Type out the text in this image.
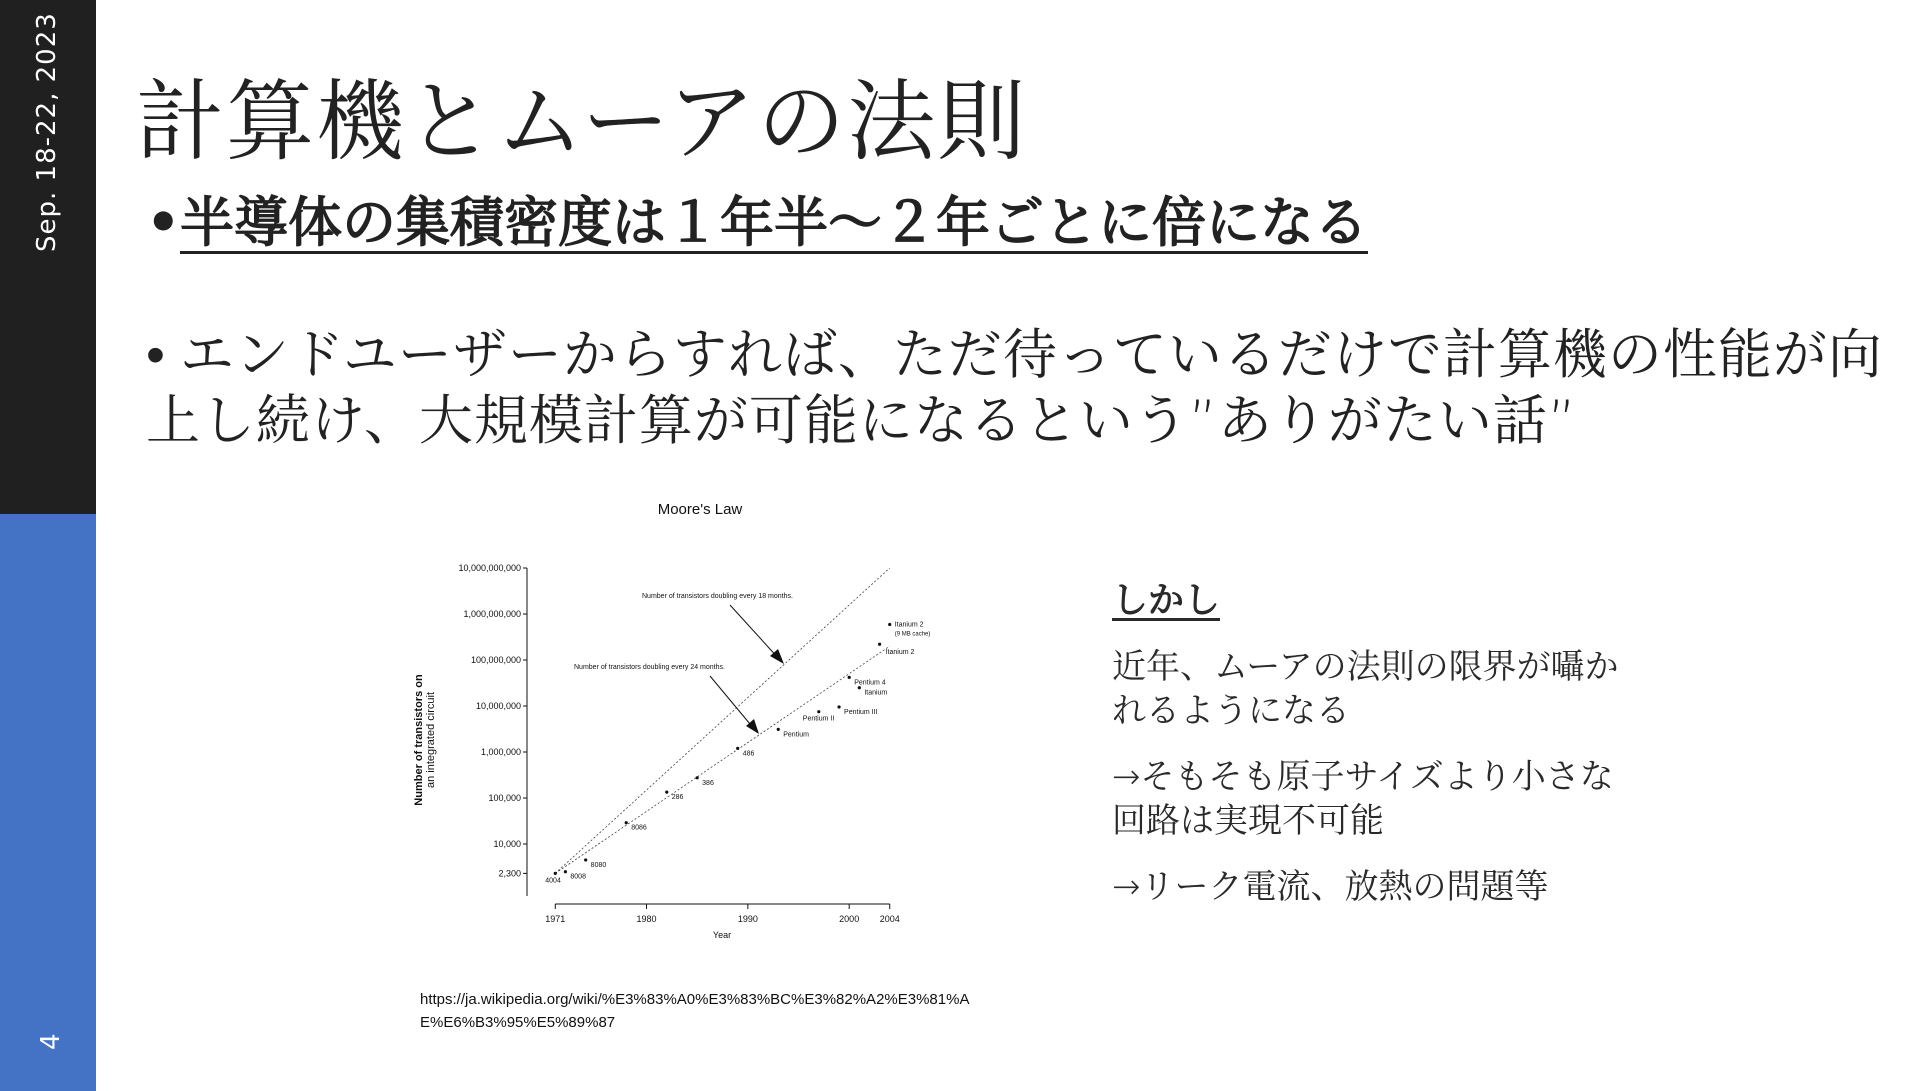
Sep. 18-22, 2023
4
計算機とムーアの法則
•半導体の集積密度は１年半～２年ごとに倍になる
• エンドユーザーからすれば、ただ待っているだけで計算機の性能が向上し続け、大規模計算が可能になるという”ありがたい話”
Moore's Law
2,300
10,000
100,000
1,000,000
10,000,000
100,000,000
1,000,000,000
10,000,000,000
1971	1980	1990	2000 2004
Year
Number of transistors on an integrated circuit
Number of transistors doubling every 18 months.
Number of transistors doubling every 24 months.
4004
8008
8080
8086
286
386
486
Pentium
Pentium II
Pentium III
Pentium 4
Itanium
Itanium 2
Itanium 2
(9 MB cache)
https://ja.wikipedia.org/wiki/%E3%83%A0%E3%83%BC%E3%82%A2%E3%81%AE%E6%B3%95%E5%89%87
しかし

近年、ムーアの法則の限界が囁かれるようになる

→そもそも原子サイズより小さな回路は実現不可能

→リーク電流、放熱の問題等
